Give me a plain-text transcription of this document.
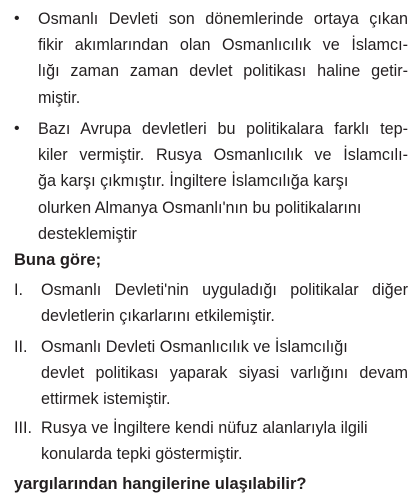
• Osmanlı Devleti son dönemlerinde ortaya çıkan
fikir akımlarından olan Osmanlıcılık ve İslamcı-
lığı zaman zaman devlet politikası haline getir-
miştir.
• Bazı Avrupa devletleri bu politikalara farklı tep-
kiler vermiştir. Rusya Osmanlıcılık ve İslamcılı-
ğa karşı çıkmıştır. İngiltere İslamcılığa karşı
olurken Almanya Osmanlı'nın bu politikalarını
desteklemiştir
Buna göre;
I. Osmanlı Devleti'nin uyguladığı politikalar diğer
devletlerin çıkarlarını etkilemiştir.
II. Osmanlı Devleti Osmanlıcılık ve İslamcılığı
devlet politikası yaparak siyasi varlığını devam
ettirmek istemiştir.
III. Rusya ve İngiltere kendi nüfuz alanlarıyla ilgili
konularda tepki göstermiştir.
yargılarından hangilerine ulaşılabilir?
